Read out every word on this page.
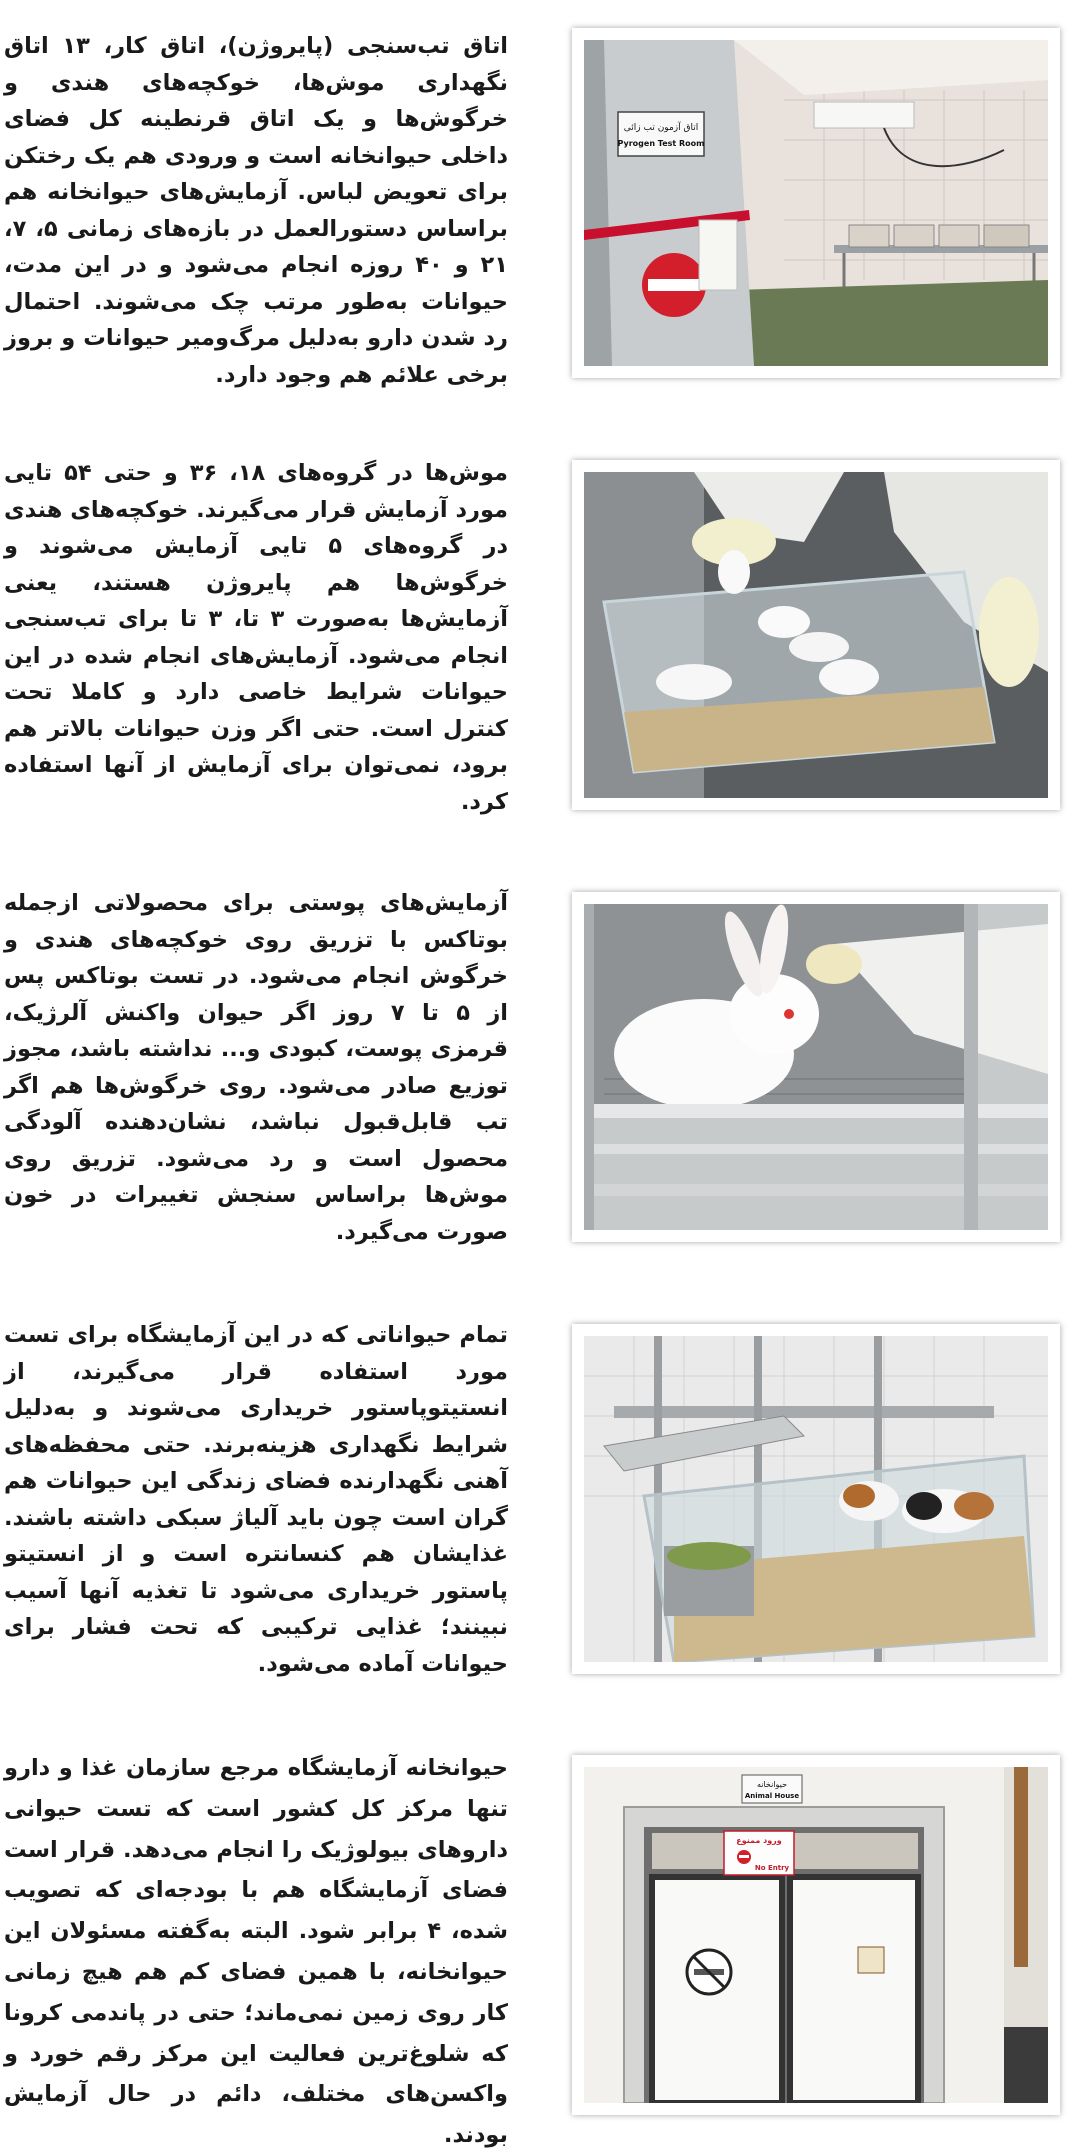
اتاق تب‌سنجی (پایروژن)، اتاق کار، ۱۳ اتاق نگهداری موش‌ها، خوکچه‌های هندی و خرگوش‌ها و یک اتاق قرنطینه کل فضای داخلی حیوانخانه است و ورودی هم یک رختکن برای تعویض لباس. آزمایش‌های حیوانخانه هم براساس دستورالعمل در بازه‌های زمانی ۵، ۷، ۲۱ و ۴۰ روزه انجام می‌شود و در این مدت، حیوانات به‌طور مرتب چک می‌شوند. احتمال رد شدن دارو به‌دلیل مرگ‌ومیر حیوانات و بروز برخی علائم هم وجود دارد.

اتاق آزمون تب زائی
Pyrogen Test Room

موش‌ها در گروه‌های ۱۸، ۳۶ و حتی ۵۴ تایی مورد آزمایش قرار می‌گیرند. خوکچه‌های هندی در گروه‌های ۵ تایی آزمایش می‌شوند و خرگوش‌ها هم پایروژن هستند، یعنی آزمایش‌ها به‌صورت ۳ تا، ۳ تا برای تب‌سنجی انجام می‌شود. آزمایش‌های انجام شده در این حیوانات شرایط خاصی دارد و کاملا تحت کنترل است. حتی اگر وزن حیوانات بالاتر هم برود، نمی‌توان برای آزمایش از آنها استفاده کرد.

آزمایش‌های پوستی برای محصولاتی ازجمله بوتاکس با تزریق روی خوکچه‌های هندی و خرگوش انجام می‌شود. در تست بوتاکس پس از ۵ تا ۷ روز اگر حیوان واکنش آلرژیک، قرمزی پوست، کبودی و... نداشته باشد، مجوز توزیع صادر می‌شود. روی خرگوش‌ها هم اگر تب قابل‌قبول نباشد، نشان‌دهنده آلودگی محصول است و رد می‌شود. تزریق روی موش‌ها براساس سنجش تغییرات در خون صورت می‌گیرد.

تمام حیواناتی که در این آزمایشگاه برای تست مورد استفاده قرار می‌گیرند، از انستیتوپاستور خریداری می‌شوند و به‌دلیل شرایط نگهداری هزینه‌برند. حتی محفظه‌های آهنی نگهدارنده فضای زندگی این حیوانات هم گران است چون باید آلیاژ سبکی داشته باشند. غذایشان هم کنسانتره است و از انستیتو پاستور خریداری می‌شود تا تغذیه آنها آسیب نبینند؛ غذایی ترکیبی که تحت فشار برای حیوانات آماده می‌شود.

حیوانخانه آزمایشگاه مرجع سازمان غذا و دارو تنها مرکز کل کشور است که تست حیوانی داروهای بیولوژیک را انجام می‌دهد. قرار است فضای آزمایشگاه هم با بودجه‌ای که تصویب شده، ۴ برابر شود. البته به‌گفته مسئولان این حیوانخانه، با همین فضای کم هم هیچ زمانی کار روی زمین نمی‌ماند؛ حتی در پاندمی کرونا که شلوغ‌ترین فعالیت این مرکز رقم خورد و واکسن‌های مختلف، دائم در حال آزمایش بودند.

حیوانخانه
Animal House
ورود ممنوع
No Entry
